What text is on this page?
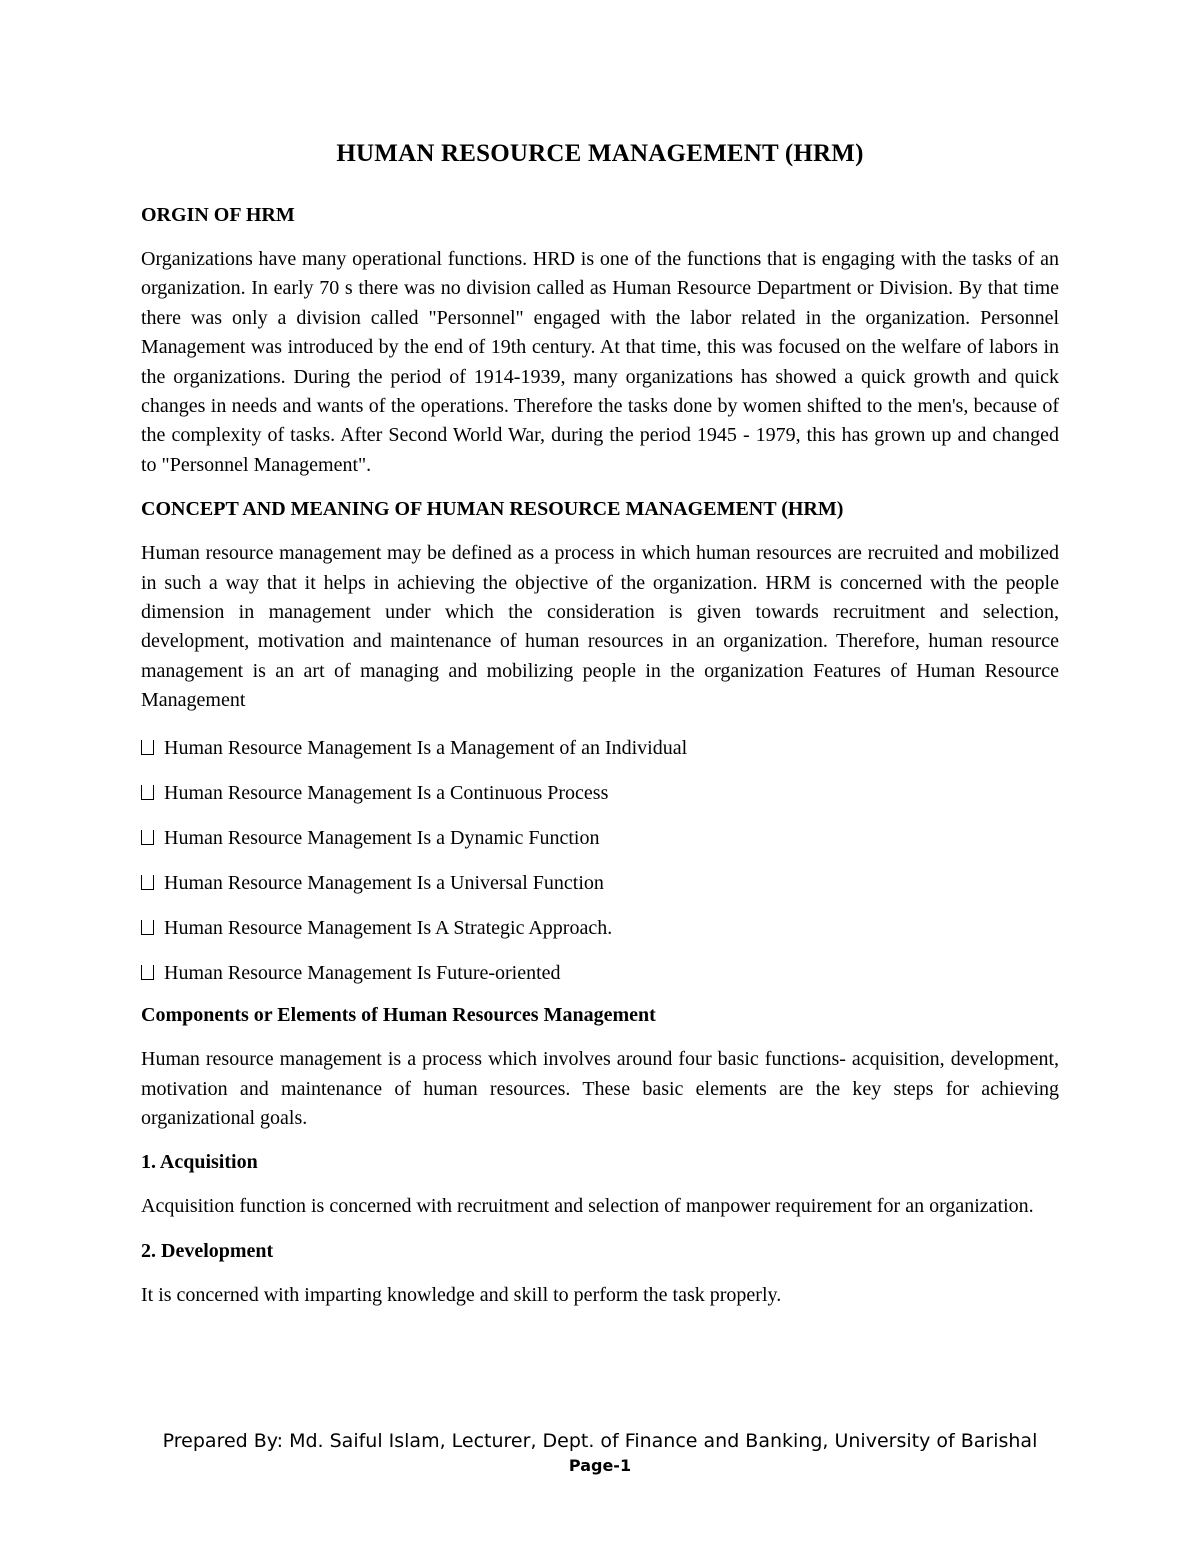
HUMAN RESOURCE MANAGEMENT (HRM)
ORGIN OF HRM

Organizations have many operational functions. HRD is one of the functions that is engaging with the tasks of an organization. In early 70 s there was no division called as Human Resource Department or Division. By that time there was only a division called "Personnel" engaged with the labor related in the organization. Personnel Management was introduced by the end of 19th century. At that time, this was focused on the welfare of labors in the organizations. During the period of 1914-1939, many organizations has showed a quick growth and quick changes in needs and wants of the operations. Therefore the tasks done by women shifted to the men's, because of the complexity of tasks. After Second World War, during the period 1945 - 1979, this has grown up and changed to "Personnel Management".

CONCEPT AND MEANING OF HUMAN RESOURCE MANAGEMENT (HRM)

Human resource management may be defined as a process in which human resources are recruited and mobilized in such a way that it helps in achieving the objective of the organization. HRM is concerned with the people dimension in management under which the consideration is given towards recruitment and selection, development, motivation and maintenance of human resources in an organization. Therefore, human resource management is an art of managing and mobilizing people in the organization Features of Human Resource Management

Human Resource Management Is a Management of an Individual
Human Resource Management Is a Continuous Process
Human Resource Management Is a Dynamic Function
Human Resource Management Is a Universal Function
Human Resource Management Is A Strategic Approach.
Human Resource Management Is Future-oriented
Components or Elements of Human Resources Management

Human resource management is a process which involves around four basic functions- acquisition, development, motivation and maintenance of human resources. These basic elements are the key steps for achieving organizational goals.

1. Acquisition

Acquisition function is concerned with recruitment and selection of manpower requirement for an organization.

2. Development

It is concerned with imparting knowledge and skill to perform the task properly.

Prepared By: Md. Saiful Islam, Lecturer, Dept. of Finance and Banking, University of Barishal

Page-1
